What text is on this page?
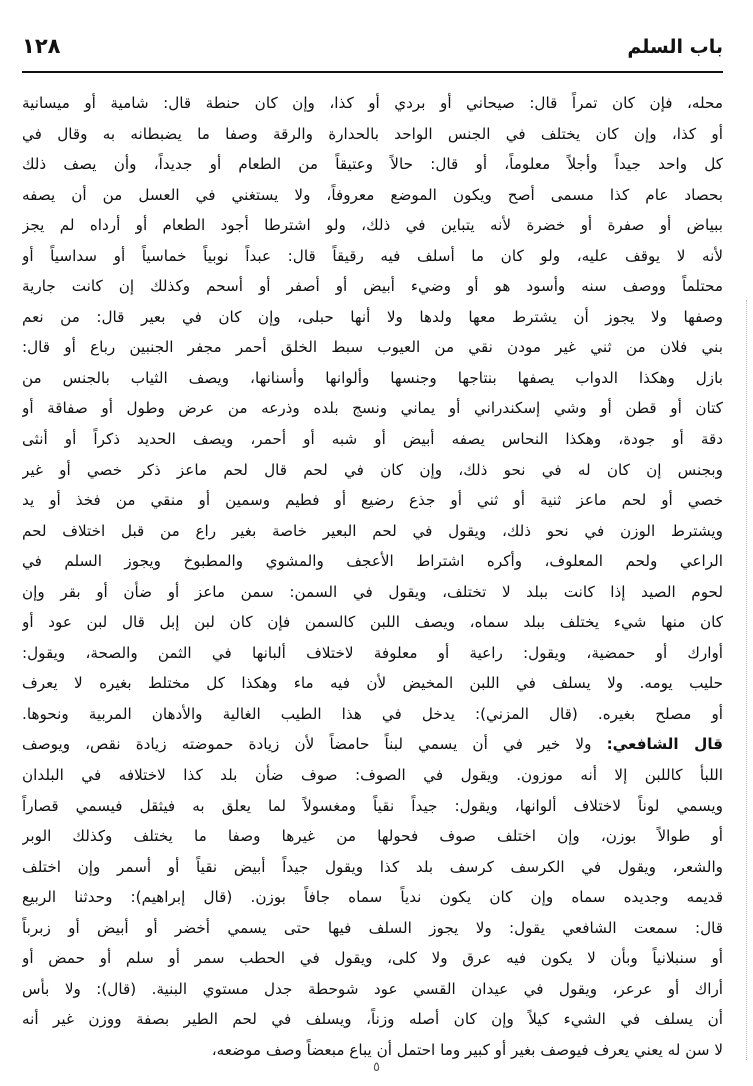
باب السلم
١٢٨
محله، فإن كان تمراً قال: صيحاني أو بردي أو كذا، وإن كان حنطة قال: شامية أو ميسانية
أو كذا، وإن كان يختلف في الجنس الواحد بالحدارة والرقة وصفا ما يضبطانه به وقال في
كل واحد جيداً وأجلاً معلوماً، أو قال: حالاً وعتيقاً من الطعام أو جديداً، وأن يصف ذلك
بحصاد عام كذا مسمى أصح ويكون الموضع معروفاً، ولا يستغني في العسل من أن يصفه
ببياض أو صفرة أو خضرة لأنه يتباين في ذلك، ولو اشترطا أجود الطعام أو أرداه لم يجز
لأنه لا يوقف عليه، ولو كان ما أسلف فيه رقيقاً قال: عبداً نوبياً خماسياً أو سداسياً أو
محتلماً ووصف سنه وأسود هو أو وضيء أبيض أو أصفر أو أسحم وكذلك إن كانت جارية
وصفها ولا يجوز أن يشترط معها ولدها ولا أنها حبلى، وإن كان في بعير قال: من نعم
بني فلان من ثني غير مودن نقي من العيوب سبط الخلق أحمر مجفر الجنبين رباع أو قال:
بازل وهكذا الدواب يصفها بنتاجها وجنسها وألوانها وأسنانها، ويصف الثياب بالجنس من
كتان أو قطن أو وشي إسكندراني أو يماني ونسج بلده وذرعه من عرض وطول أو صفاقة أو
دقة أو جودة، وهكذا النحاس يصفه أبيض أو شبه أو أحمر، ويصف الحديد ذكراً أو أنثى
وبجنس إن كان له في نحو ذلك، وإن كان في لحم قال لحم ماعز ذكر خصي أو غير
خصي أو لحم ماعز ثنية أو ثني أو جذع رضيع أو فطيم وسمين أو منقي من فخذ أو يد
ويشترط الوزن في نحو ذلك، ويقول في لحم البعير خاصة بغير راع من قبل اختلاف لحم
الراعي ولحم المعلوف، وأكره اشتراط الأعجف والمشوي والمطبوخ ويجوز السلم في
لحوم الصيد إذا كانت ببلد لا تختلف، ويقول في السمن: سمن ماعز أو ضأن أو بقر وإن
كان منها شيء يختلف ببلد سماه، ويصف اللبن كالسمن فإن كان لبن إبل قال لبن عود أو
أوارك أو حمضية، ويقول: راعية أو معلوفة لاختلاف ألبانها في الثمن والصحة، ويقول:
حليب يومه. ولا يسلف في اللبن المخيض لأن فيه ماء وهكذا كل مختلط بغيره لا يعرف
أو مصلح بغيره. (قال المزني): يدخل في هذا الطيب الغالية والأدهان المربية ونحوها.
قال الشافعي: ولا خير في أن يسمي لبناً حامضاً لأن زيادة حموضته زيادة نقص، ويوصف
اللبأ كاللبن إلا أنه موزون. ويقول في الصوف: صوف ضأن بلد كذا لاختلافه في البلدان
ويسمي لوناً لاختلاف ألوانها، ويقول: جيداً نقياً ومغسولاً لما يعلق به فيثقل فيسمي قصاراً
أو طوالاً بوزن، وإن اختلف صوف فحولها من غيرها وصفا ما يختلف وكذلك الوبر
والشعر، ويقول في الكرسف كرسف بلد كذا ويقول جيداً أبيض نقياً أو أسمر وإن اختلف
قديمه وجديده سماه وإن كان يكون ندياً سماه جافاً بوزن. (قال إبراهيم): وحدثنا الربيع
قال: سمعت الشافعي يقول: ولا يجوز السلف فيها حتى يسمي أخضر أو أبيض أو زبرباً
أو سنبلانياً وبأن لا يكون فيه عرق ولا كلى، ويقول في الحطب سمر أو سلم أو حمض أو
أراك أو عرعر، ويقول في عيدان القسي عود شوحطة جدل مستوي البنية. (قال): ولا بأس
أن يسلف في الشيء كيلاً وإن كان أصله وزناً، ويسلف في لحم الطير بصفة ووزن غير أنه
لا سن له يعني يعرف فيوصف بغير أو كبير وما احتمل أن يباع مبعضاً وصف موضعه،
٥
